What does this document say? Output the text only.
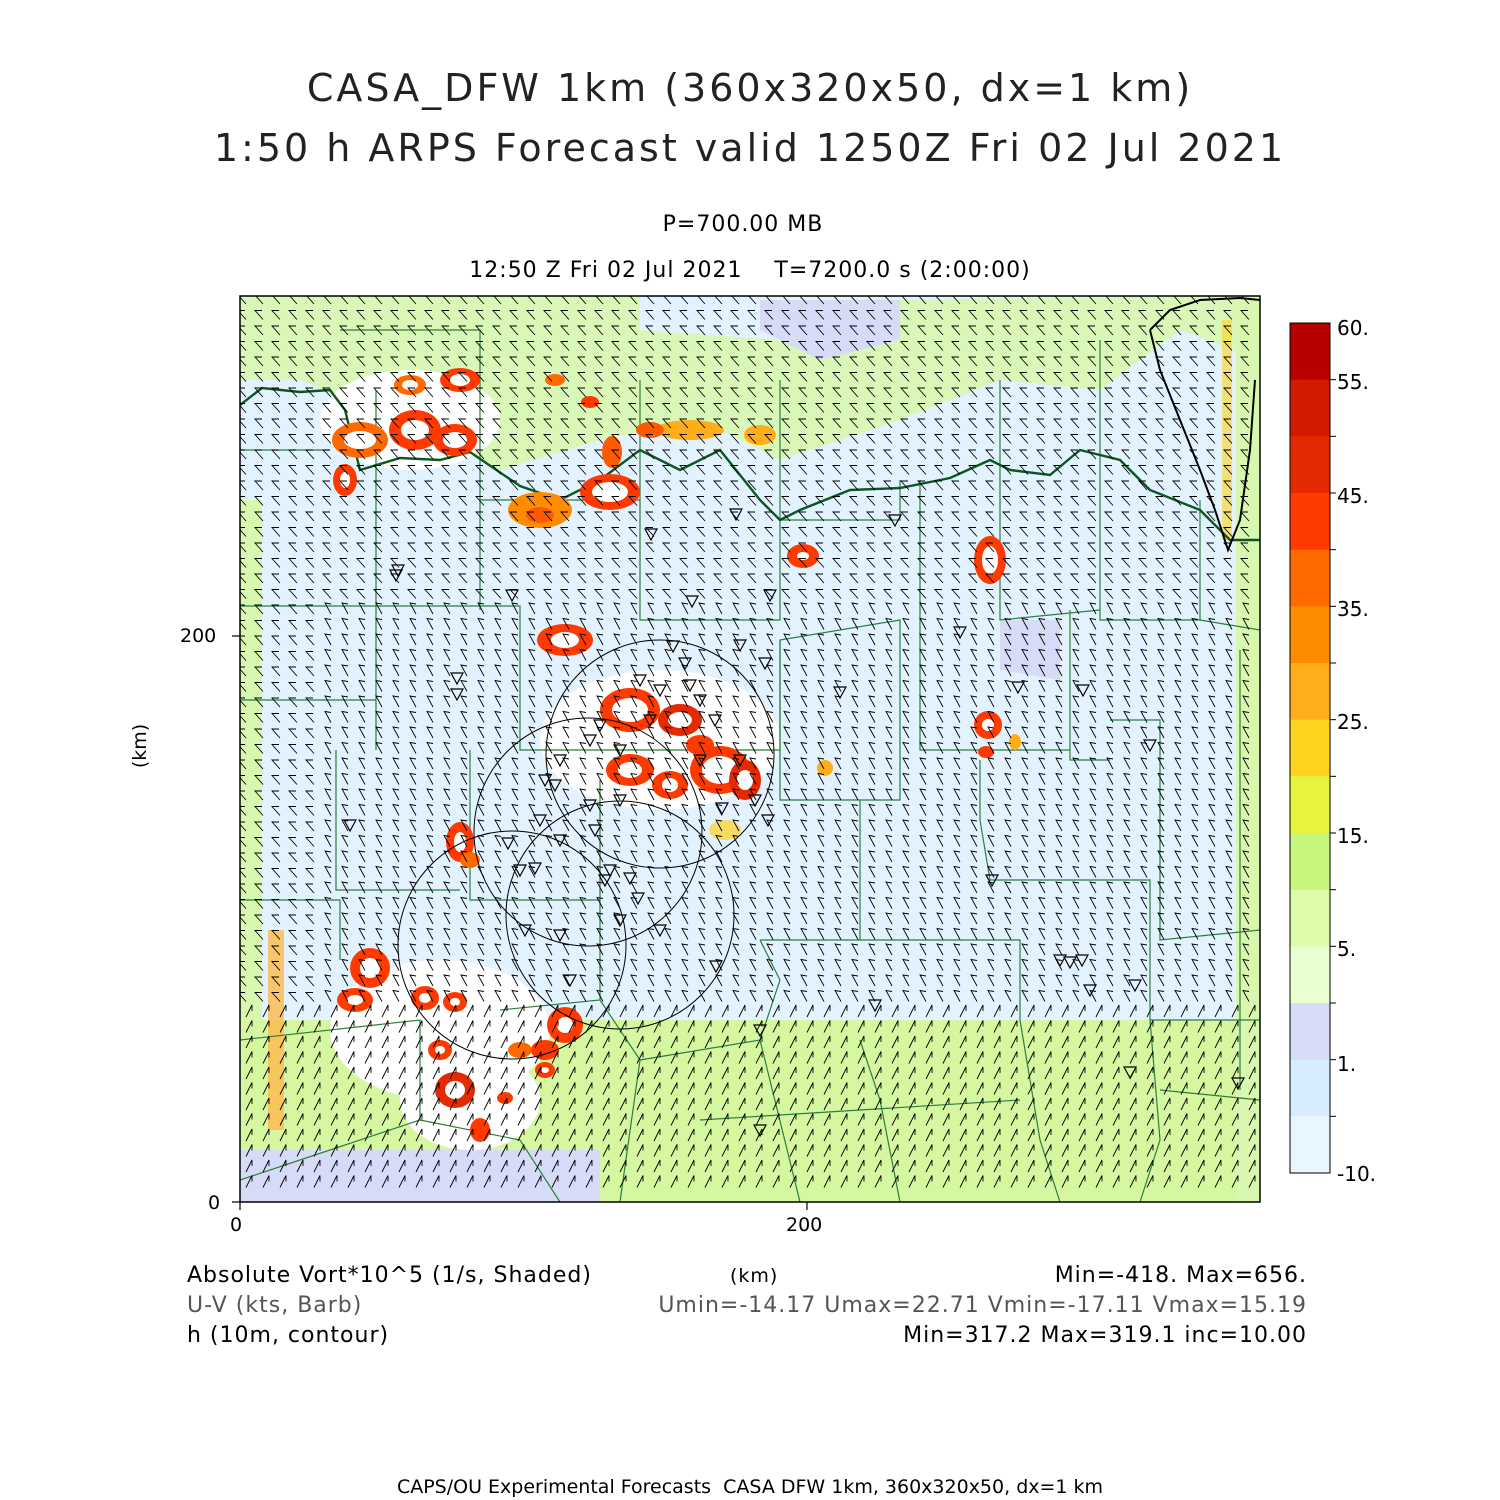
CASA_DFW 1km (360x320x50, dx=1 km)
1:50 h ARPS Forecast valid 1250Z Fri 02 Jul 2021
P=700.00 MB
12:50 Z Fri 02 Jul 2021    T=7200.0 s (2:00:00)
(km)
0	200
0
200
60.
55.
45.
35.
25.
15.
5.
1.
-10.
Absolute Vort*10^5 (1/s, Shaded)	(km)	Min=-418. Max=656.
U-V (kts, Barb)	Umin=-14.17 Umax=22.71 Vmin=-17.11 Vmax=15.19
h (10m, contour)	Min=317.2 Max=319.1 inc=10.00
CAPS/OU Experimental Forecasts  CASA DFW 1km, 360x320x50, dx=1 km
